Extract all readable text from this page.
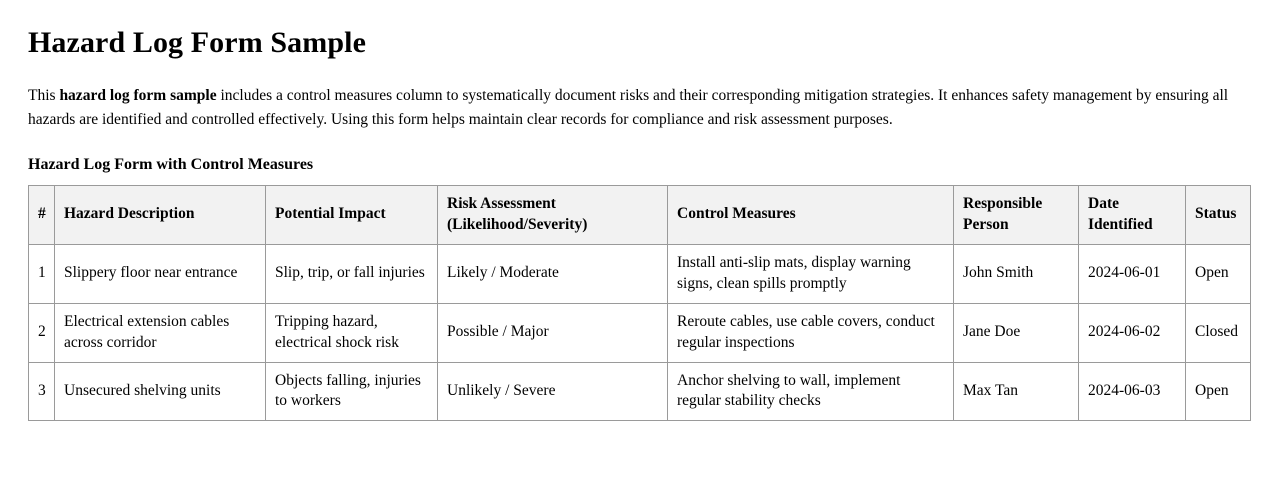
Hazard Log Form Sample

This hazard log form sample includes a control measures column to systematically document risks and their corresponding mitigation strategies. It enhances safety management by ensuring all hazards are identified and controlled effectively. Using this form helps maintain clear records for compliance and risk assessment purposes.

Hazard Log Form with Control Measures
#	Hazard Description	Potential Impact	Risk Assessment (Likelihood/Severity)	Control Measures	Responsible Person	Date Identified	Status
1	Slippery floor near entrance	Slip, trip, or fall injuries	Likely / Moderate	Install anti-slip mats, display warning signs, clean spills promptly	John Smith	2024-06-01	Open
2	Electrical extension cables across corridor	Tripping hazard, electrical shock risk	Possible / Major	Reroute cables, use cable covers, conduct regular inspections	Jane Doe	2024-06-02	Closed
3	Unsecured shelving units	Objects falling, injuries to workers	Unlikely / Severe	Anchor shelving to wall, implement regular stability checks	Max Tan	2024-06-03	Open
